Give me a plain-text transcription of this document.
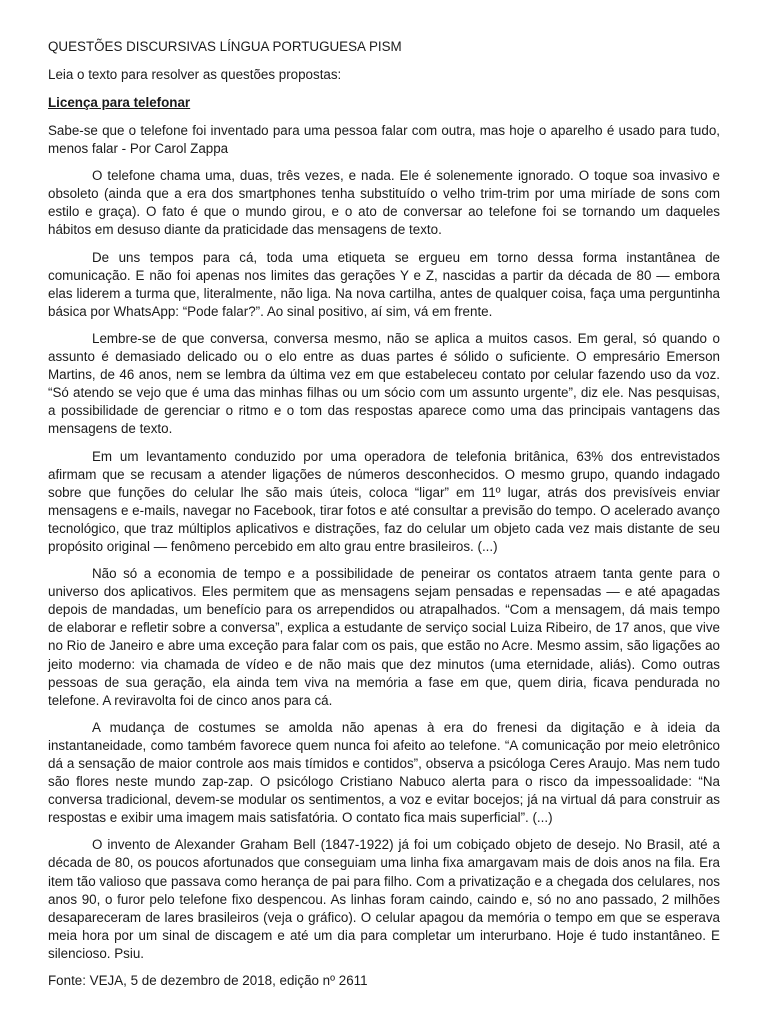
QUESTÕES DISCURSIVAS LÍNGUA PORTUGUESA PISM
Leia o texto para resolver as questões propostas:
Licença para telefonar

Sabe-se que o telefone foi inventado para uma pessoa falar com outra, mas hoje o aparelho é usado para tudo, menos falar - Por Carol Zappa

O telefone chama uma, duas, três vezes, e nada. Ele é solenemente ignorado. O toque soa invasivo e obsoleto (ainda que a era dos smartphones tenha substituído o velho trim-trim por uma miríade de sons com estilo e graça). O fato é que o mundo girou, e o ato de conversar ao telefone foi se tornando um daqueles hábitos em desuso diante da praticidade das mensagens de texto.

De uns tempos para cá, toda uma etiqueta se ergueu em torno dessa forma instantânea de comunicação. E não foi apenas nos limites das gerações Y e Z, nascidas a partir da década de 80 — embora elas liderem a turma que, literalmente, não liga. Na nova cartilha, antes de qualquer coisa, faça uma perguntinha básica por WhatsApp: “Pode falar?”. Ao sinal positivo, aí sim, vá em frente.

Lembre-se de que conversa, conversa mesmo, não se aplica a muitos casos. Em geral, só quando o assunto é demasiado delicado ou o elo entre as duas partes é sólido o suficiente. O empresário Emerson Martins, de 46 anos, nem se lembra da última vez em que estabeleceu contato por celular fazendo uso da voz. “Só atendo se vejo que é uma das minhas filhas ou um sócio com um assunto urgente”, diz ele. Nas pesquisas, a possibilidade de gerenciar o ritmo e o tom das respostas aparece como uma das principais vantagens das mensagens de texto.

Em um levantamento conduzido por uma operadora de telefonia britânica, 63% dos entrevistados afirmam que se recusam a atender ligações de números desconhecidos. O mesmo grupo, quando indagado sobre que funções do celular lhe são mais úteis, coloca “ligar” em 11º lugar, atrás dos previsíveis enviar mensagens e e-mails, navegar no Facebook, tirar fotos e até consultar a previsão do tempo. O acelerado avanço tecnológico, que traz múltiplos aplicativos e distrações, faz do celular um objeto cada vez mais distante de seu propósito original — fenômeno percebido em alto grau entre brasileiros. (...)

Não só a economia de tempo e a possibilidade de peneirar os contatos atraem tanta gente para o universo dos aplicativos. Eles permitem que as mensagens sejam pensadas e repensadas — e até apagadas depois de mandadas, um benefício para os arrependidos ou atrapalhados. “Com a mensagem, dá mais tempo de elaborar e refletir sobre a conversa”, explica a estudante de serviço social Luiza Ribeiro, de 17 anos, que vive no Rio de Janeiro e abre uma exceção para falar com os pais, que estão no Acre. Mesmo assim, são ligações ao jeito moderno: via chamada de vídeo e de não mais que dez minutos (uma eternidade, aliás). Como outras pessoas de sua geração, ela ainda tem viva na memória a fase em que, quem diria, ficava pendurada no telefone. A reviravolta foi de cinco anos para cá.

A mudança de costumes se amolda não apenas à era do frenesi da digitação e à ideia da instantaneidade, como também favorece quem nunca foi afeito ao telefone. “A comunicação por meio eletrônico dá a sensação de maior controle aos mais tímidos e contidos”, observa a psicóloga Ceres Araujo. Mas nem tudo são flores neste mundo zap-zap. O psicólogo Cristiano Nabuco alerta para o risco da impessoalidade: “Na conversa tradicional, devem-se modular os sentimentos, a voz e evitar bocejos; já na virtual dá para construir as respostas e exibir uma imagem mais satisfatória. O contato fica mais superficial”. (...)

O invento de Alexander Graham Bell (1847-1922) já foi um cobiçado objeto de desejo. No Brasil, até a década de 80, os poucos afortunados que conseguiam uma linha fixa amargavam mais de dois anos na fila. Era item tão valioso que passava como herança de pai para filho. Com a privatização e a chegada dos celulares, nos anos 90, o furor pelo telefone fixo despencou. As linhas foram caindo, caindo e, só no ano passado, 2 milhões desapareceram de lares brasileiros (veja o gráfico). O celular apagou da memória o tempo em que se esperava meia hora por um sinal de discagem e até um dia para completar um interurbano. Hoje é tudo instantâneo. E silencioso. Psiu.

Fonte: VEJA, 5 de dezembro de 2018, edição nº 2611
